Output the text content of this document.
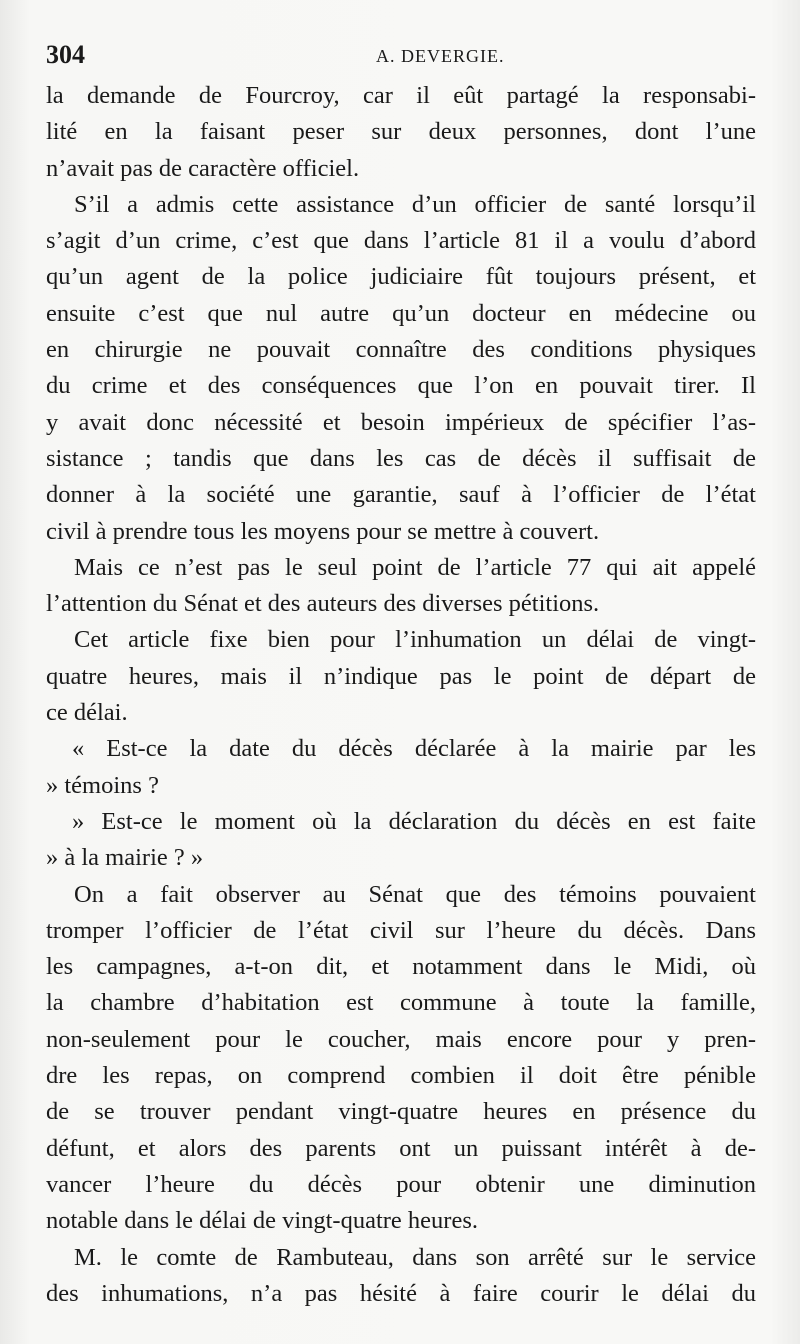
304	A. DEVERGIE.
la demande de Fourcroy, car il eût partagé la responsabi-
lité en la faisant peser sur deux personnes, dont l’une
n’avait pas de caractère officiel.
S’il a admis cette assistance d’un officier de santé lorsqu’il
s’agit d’un crime, c’est que dans l’article 81 il a voulu d’abord
qu’un agent de la police judiciaire fût toujours présent, et
ensuite c’est que nul autre qu’un docteur en médecine ou
en chirurgie ne pouvait connaître des conditions physiques
du crime et des conséquences que l’on en pouvait tirer. Il
y avait donc nécessité et besoin impérieux de spécifier l’as-
sistance ; tandis que dans les cas de décès il suffisait de
donner à la société une garantie, sauf à l’officier de l’état
civil à prendre tous les moyens pour se mettre à couvert.
Mais ce n’est pas le seul point de l’article 77 qui ait appelé
l’attention du Sénat et des auteurs des diverses pétitions.
Cet article fixe bien pour l’inhumation un délai de vingt-
quatre heures, mais il n’indique pas le point de départ de
ce délai.
« Est-ce la date du décès déclarée à la mairie par les
» témoins ?
» Est-ce le moment où la déclaration du décès en est faite
» à la mairie ? »
On a fait observer au Sénat que des témoins pouvaient
tromper l’officier de l’état civil sur l’heure du décès. Dans
les campagnes, a-t-on dit, et notamment dans le Midi, où
la chambre d’habitation est commune à toute la famille,
non-seulement pour le coucher, mais encore pour y pren-
dre les repas, on comprend combien il doit être pénible
de se trouver pendant vingt-quatre heures en présence du
défunt, et alors des parents ont un puissant intérêt à de-
vancer l’heure du décès pour obtenir une diminution
notable dans le délai de vingt-quatre heures.
M. le comte de Rambuteau, dans son arrêté sur le service
des inhumations, n’a pas hésité à faire courir le délai du
